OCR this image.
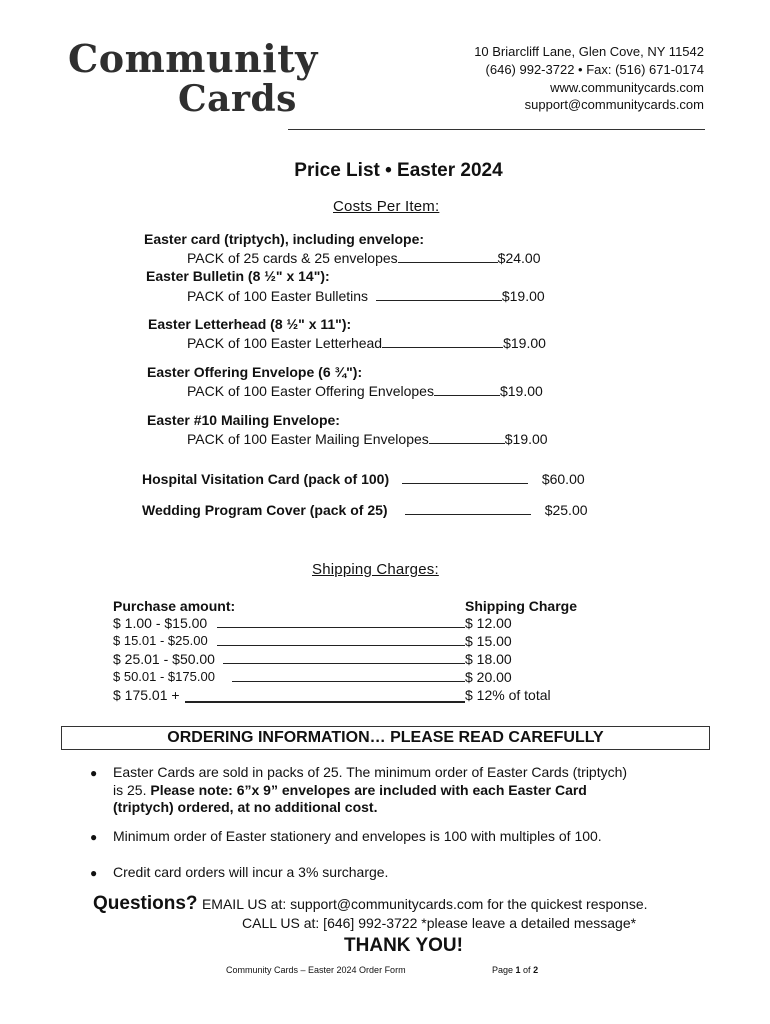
Community
Cards
10 Briarcliff Lane, Glen Cove, NY 11542
(646) 992-3722 • Fax: (516) 671-0174
www.communitycards.com
support@communitycards.com
Price List • Easter 2024
Costs Per Item:
Easter card (triptych), including envelope:
PACK of 25 cards & 25 envelopes	$24.00
Easter Bulletin (8 ½" x 14"):
PACK of 100 Easter Bulletins	$19.00
Easter Letterhead (8 ½" x 11"):
PACK of 100 Easter Letterhead	$19.00
Easter Offering Envelope (6 ¾"):
PACK of 100 Easter Offering Envelopes	$19.00
Easter #10 Mailing Envelope:
PACK of 100 Easter Mailing Envelopes	$19.00
Hospital Visitation Card (pack of 100)	$60.00
Wedding Program Cover (pack of 25)	$25.00
Shipping Charges:
Purchase amount:	Shipping Charge
$ 1.00 - $15.00	$ 12.00
$ 15.01 - $25.00	$ 15.00
$ 25.01 - $50.00	$ 18.00
$ 50.01 - $175.00	$ 20.00
$ 175.01 +	$ 12% of total
ORDERING INFORMATION… PLEASE READ CAREFULLY
● Easter Cards are sold in packs of 25. The minimum order of Easter Cards (triptych)
is 25. Please note: 6”x 9” envelopes are included with each Easter Card
(triptych) ordered, at no additional cost.
● Minimum order of Easter stationery and envelopes is 100 with multiples of 100.
● Credit card orders will incur a 3% surcharge.
Questions? EMAIL US at: support@communitycards.com for the quickest response.
CALL US at: [646] 992-3722 *please leave a detailed message*
THANK YOU!
Community Cards – Easter 2024 Order Form	Page 1 of 2
